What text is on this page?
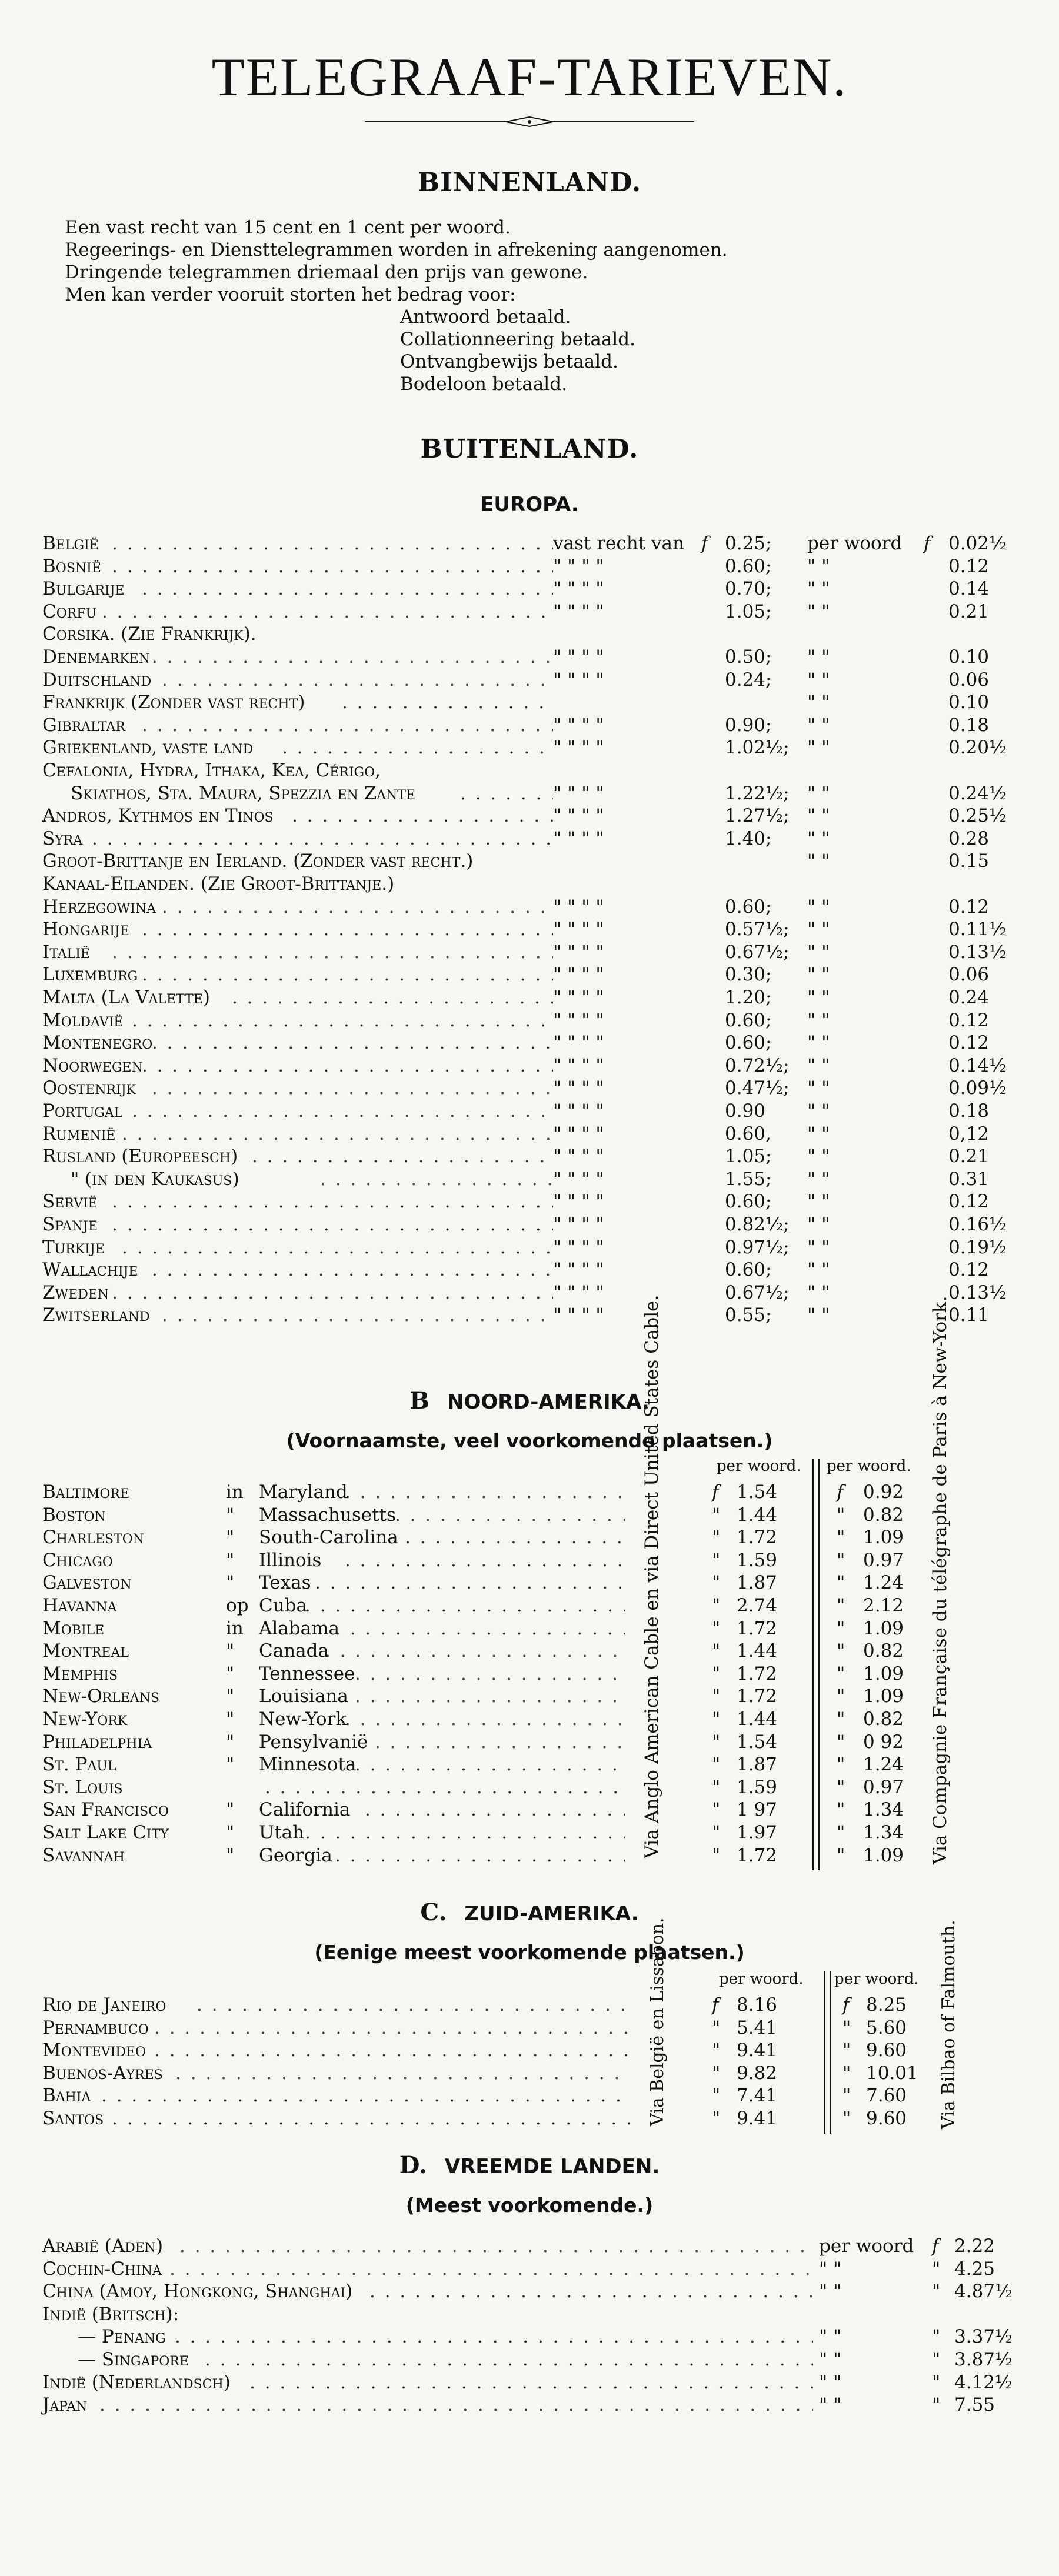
TELEGRAAF-TARIEVEN.
BINNENLAND.
Een vast recht van 15 cent en 1 cent per woord.
Regeerings- en Diensttelegrammen worden in afrekening aangenomen.
Dringende telegrammen driemaal den prijs van gewone.
Men kan verder vooruit storten het bedrag voor:
Antwoord betaald.
Collationneering betaald.
Ontvangbewijs betaald.
Bodeloon betaald.
BUITENLAND.
EUROPA.
België . . .	vast recht van f 0.25; per woord f 0.02½
Bosnië . . .	" " " "	0.60; " "	0.12
Bulgarije . . .	" " " "	0.70; " "	0.14
Corfu . . .	" " " "	1.05; " "	0.21
Corsika. (Zie Frankrijk).
Denemarken . . .	" " " "	0.50; " "	0.10
Duitschland . . .	" " " "	0.24; " "	0.06
Frankrijk (Zonder vast recht) . . .	" "	0.10
Gibraltar . . .	" " " "	0.90; " "	0.18
Griekenland, vaste land . . .	" " " "	1.02½; " "	0.20½
Cefalonia, Hydra, Ithaka, Kea, Cérigo,
Skiathos, Sta. Maura, Spezzia en Zante . . .	" " " "	1.22½; " "	0.24½
Andros, Kythmos en Tinos . . .	" " " "	1.27½; " "	0.25½
Syra . . .	" " " "	1.40; " "	0.28
Groot-Brittanje en Ierland. (Zonder vast recht.)	" "	0.15
Kanaal-Eilanden. (Zie Groot-Brittanje.)
Herzegowina . . .	" " " "	0.60; " "	0.12
Hongarije . . .	" " " "	0.57½; " "	0.11½
Italië . . .	" " " "	0.67½; " "	0.13½
Luxemburg . . .	" " " "	0.30; " "	0.06
Malta (La Valette) . . .	" " " "	1.20; " "	0.24
Moldavië . . .	" " " "	0.60; " "	0.12
Montenegro . . .	" " " "	0.60; " "	0.12
Noorwegen . . .	" " " "	0.72½; " "	0.14½
Oostenrijk . . .	" " " "	0.47½; " "	0.09½
Portugal . . .	" " " "	0.90 " "	0.18
Rumenië . . .	" " " "	0.60, " "	0,12
Rusland (Europeesch) . . .	" " " "	1.05; " "	0.21
" (in den Kaukasus) . . .	" " " "	1.55; " "	0.31
Servië . . .	" " " "	0.60; " "	0.12
Spanje . . .	" " " "	0.82½; " "	0.16½
Turkije . . .	" " " "	0.97½; " "	0.19½
Wallachije . . .	" " " "	0.60; " "	0.12
Zweden . . .	" " " "	0.67½; " "	0.13½
Zwitserland . . .	" " " "	0.55; " "	0.11
B NOORD-AMERIKA.
(Voornaamste, veel voorkomende plaatsen.)
per woord. per woord.
Baltimore	in Maryland . . .	f 1.54	f 0.92
Boston	" Massachusetts . . .	" 1.44	" 0.82
Charleston	" South-Carolina . . .	" 1.72	" 1.09
Chicago	" Illinois . . .	" 1.59	" 0.97
Galveston	" Texas . . .	" 1.87	" 1.24
Havanna	op Cuba . . .	" 2.74	" 2.12
Mobile	in Alabama . . .	" 1.72	" 1.09
Montreal	" Canada . . .	" 1.44	" 0.82
Memphis	" Tennessee . . .	" 1.72	" 1.09
New-Orleans	" Louisiana . . .	" 1.72	" 1.09
New-York	" New-York . . .	" 1.44	" 0.82
Philadelphia	" Pensylvanië . . .	" 1.54	" 0 92
St. Paul	" Minnesota . . .	" 1.87	" 1.24
St. Louis . . .	" 1.59	" 0.97
San Francisco	" California . . .	" 1 97	" 1.34
Salt Lake City	" Utah . . .	" 1.97	" 1.34
Savannah	" Georgia . . .	" 1.72	" 1.09
Via Anglo American Cable en via Direct United States Cable.	Via Compagnie Française du télégraphe de Paris à New-York.
C. ZUID-AMERIKA.
(Eenige meest voorkomende plaatsen.)
per woord. per woord.
Rio de Janeiro . . .	f 8.16	f 8.25
Pernambuco . . .	" 5.41	" 5.60
Montevideo . . .	" 9.41	" 9.60
Buenos-Ayres . . .	" 9.82	" 10.01
Bahia . . .	" 7.41	" 7.60
Santos . . .	" 9.41	" 9.60
Via België en Lissabon.	Via Bilbao of Falmouth.
D. VREEMDE LANDEN.
(Meest voorkomende.)
Arabië (Aden) . . .	per woord f 2.22
Cochin-China . . .	" "	" 4.25
China (Amoy, Hongkong, Shanghai) . . .	" "	" 4.87½
Indië (Britsch):
— Penang . . .	" "	" 3.37½
— Singapore . . .	" "	" 3.87½
Indië (Nederlandsch) . . .	" "	" 4.12½
Japan . . .	" "	" 7.55
